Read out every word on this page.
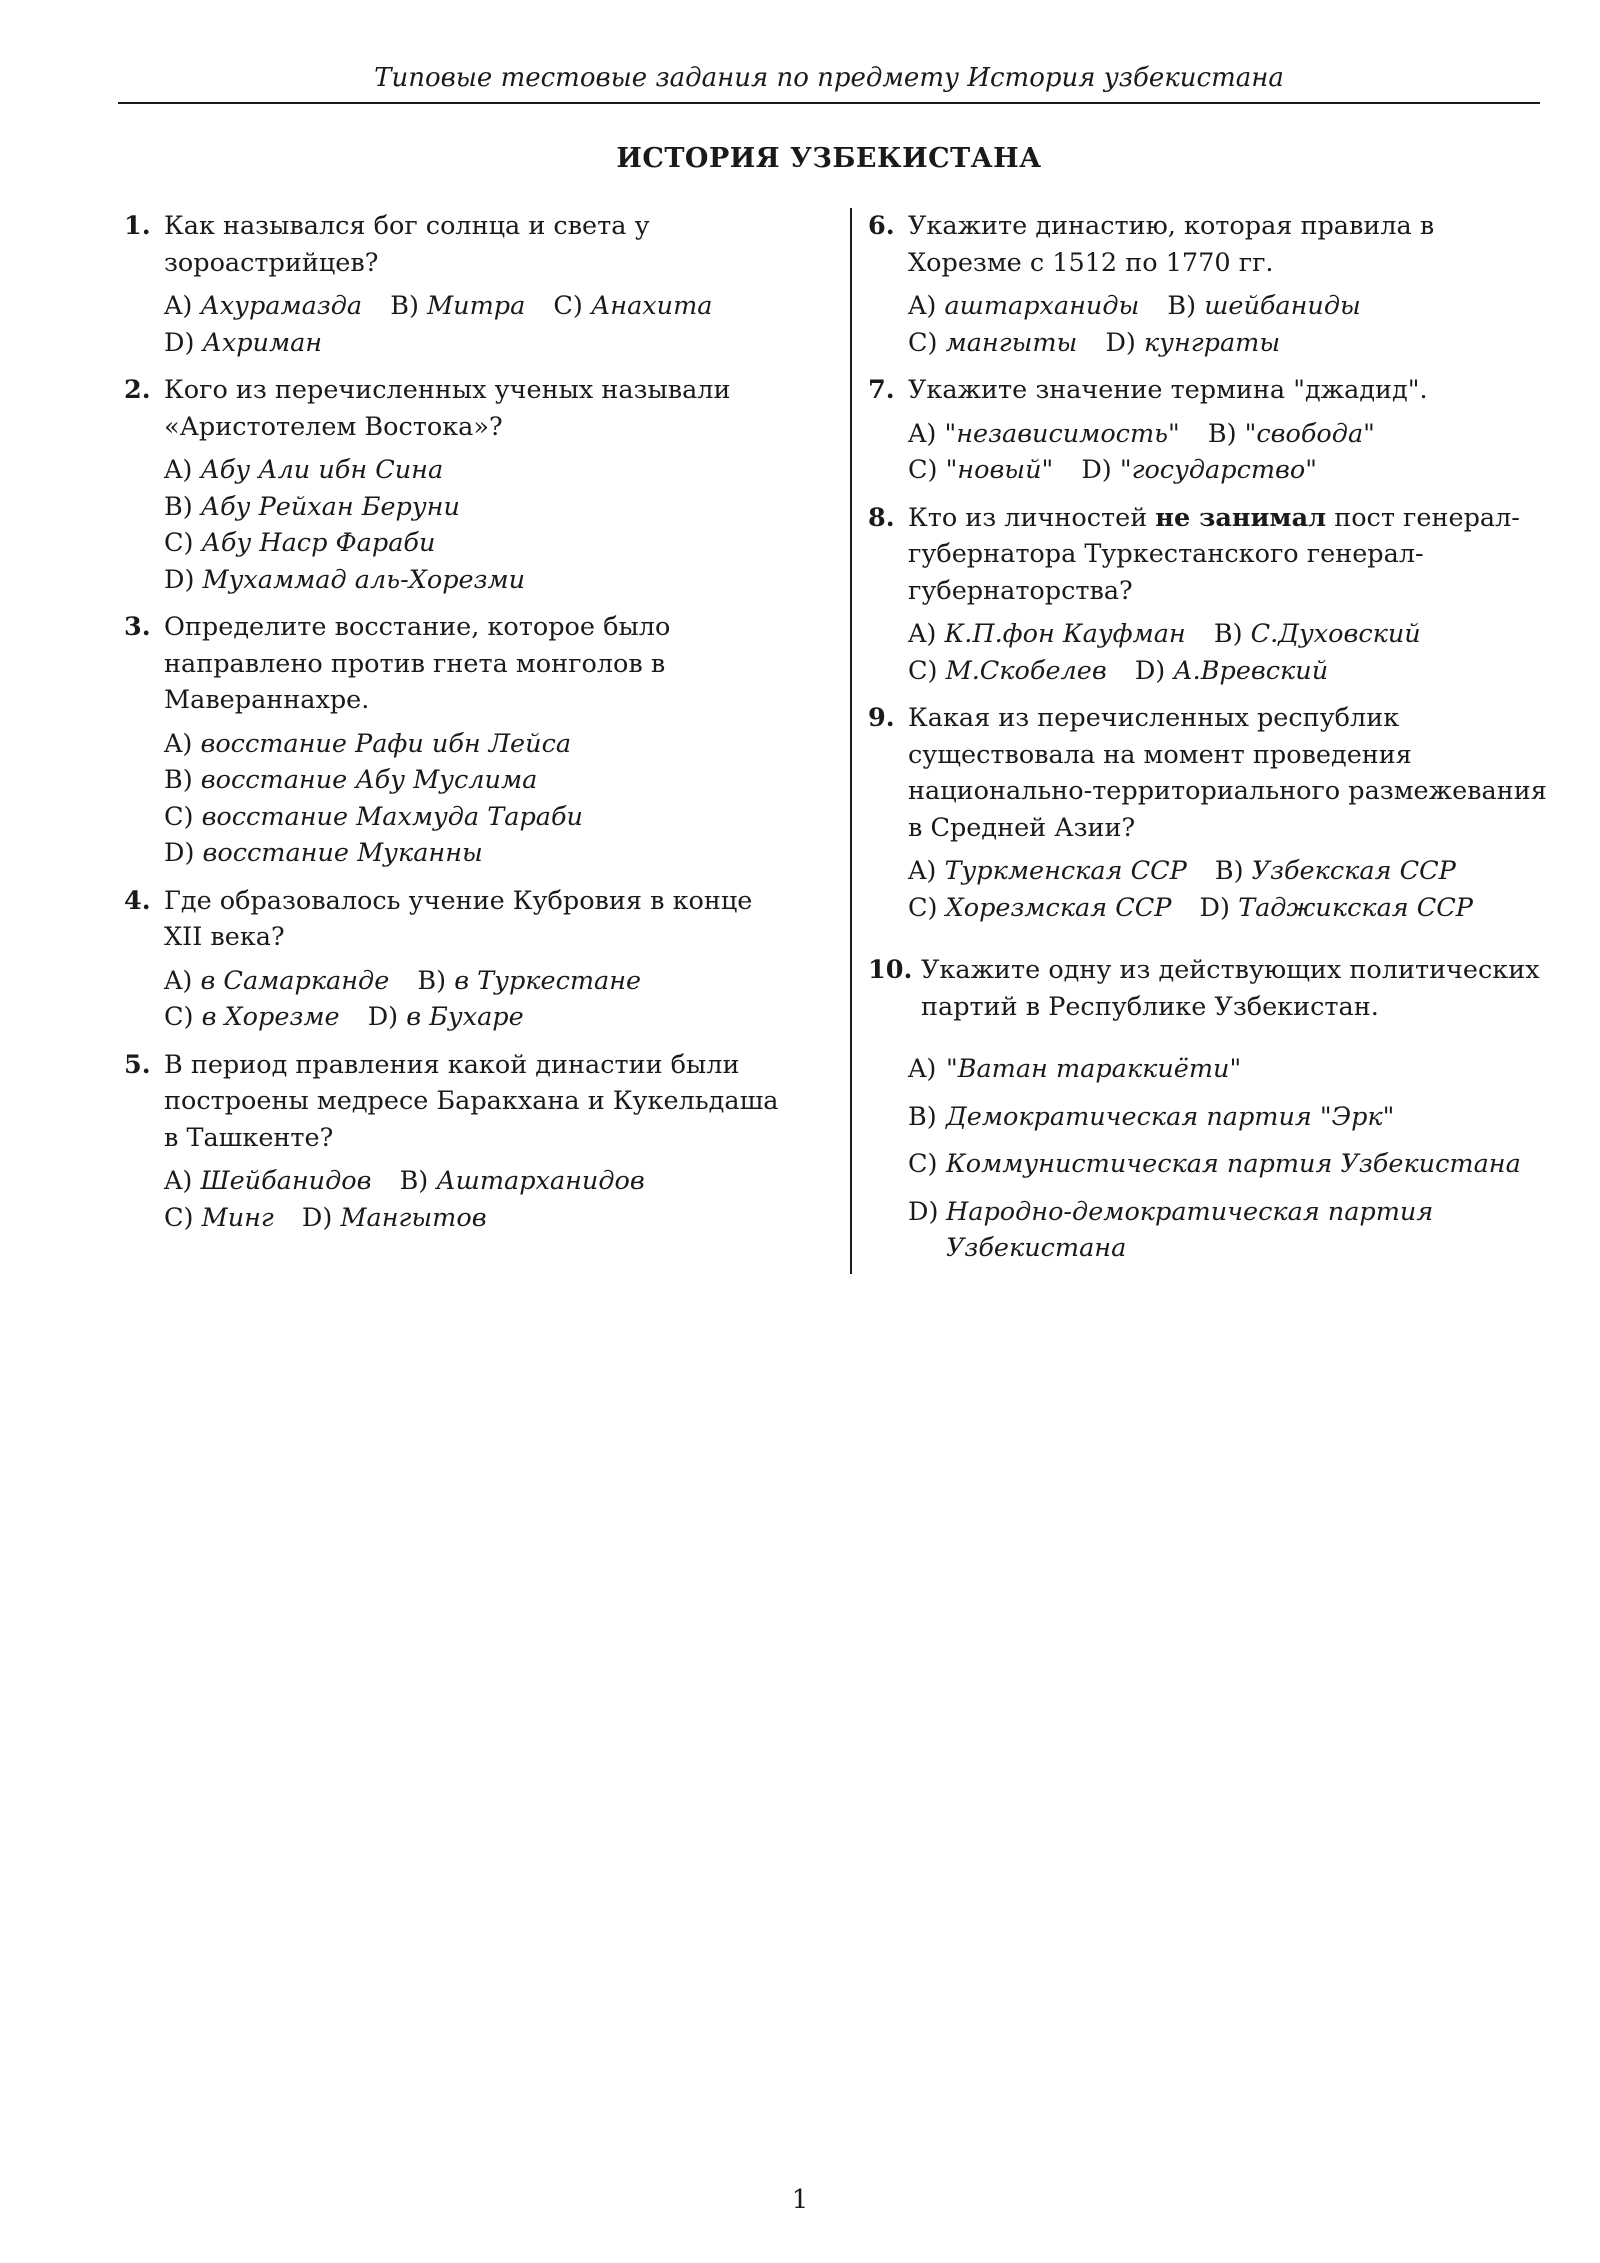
Типовые тестовые задания по предмету История узбекистана
ИСТОРИЯ УЗБЕКИСТАНА
1. Как назывался бог солнца и света у зороастрийцев?
A) Ахурамазда B) Митра C) Анахита
D) Ахриман
2. Кого из перечисленных ученых называли «Аристотелем Востока»?
A) Абу Али ибн Сина
B) Абу Рейхан Беруни
C) Абу Наср Фараби
D) Мухаммад аль-Хорезми
3. Определите восстание, которое было направлено против гнета монголов в Мавераннахре.
A) восстание Рафи ибн Лейса
B) восстание Абу Муслима
C) восстание Махмуда Тараби
D) восстание Муканны
4. Где образовалось учение Кубровия в конце XII века?
A) в Самарканде B) в Туркестане
C) в Хорезме D) в Бухаре
5. В период правления какой династии были построены медресе Баракхана и Кукельдаша в Ташкенте?
A) Шейбанидов B) Аштарханидов
C) Минг D) Мангытов
6. Укажите династию, которая правила в Хорезме с 1512 по 1770 гг.
A) аштарханиды B) шейбаниды
C) мангыты D) кунграты
7. Укажите значение термина "джадид".
A) "независимость" B) "свобода"
C) "новый" D) "государство"
8. Кто из личностей не занимал пост генерал-губернатора Туркестанского генерал-губернаторства?
A) К.П.фон Кауфман B) С.Духовский
C) М.Скобелев D) А.Вревский
9. Какая из перечисленных республик существовала на момент проведения национально-территориального размежевания в Средней Азии?
A) Туркменская ССР B) Узбекская ССР
C) Хорезмская ССР D) Таджикская ССР
10. Укажите одну из действующих политических партий в Республике Узбекистан.
A) "Ватан тараккиёти"
B) Демократическая партия "Эрк"
C) Коммунистическая партия Узбекистана
D) Народно-демократическая партия Узбекистана
1
